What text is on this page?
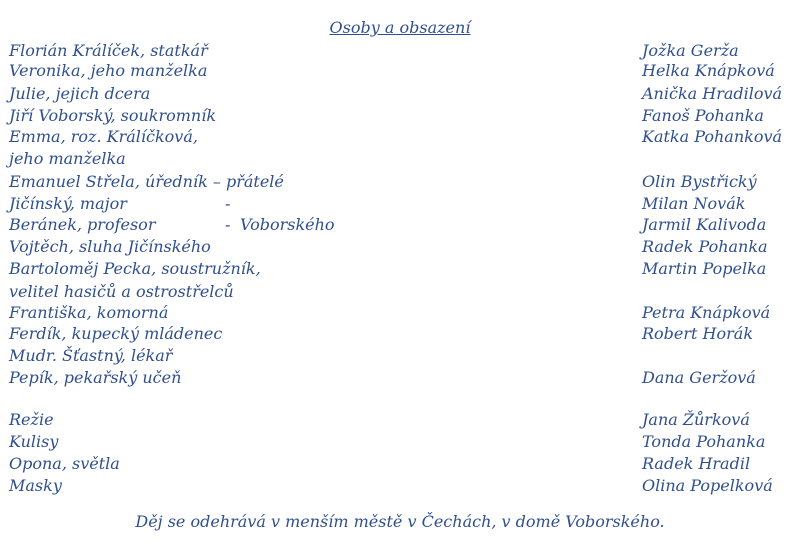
Osoby a obsazení
Florián Králíček, statkář	Jožka Gerža
Veronika, jeho manželka	Helka Knápková
Julie, jejich dcera	Anička Hradilová
Jiří Voborský, soukromník	Fanoš Pohanka
Emma, roz. Králíčková,	Katka Pohanková
jeho manželka
Emanuel Střela, úředník – přátelé	Olin Bystřický
Jičínský, major	-	Milan Novák
Beránek, profesor	- Voborského	Jarmil Kalivoda
Vojtěch, sluha Jičínského	Radek Pohanka
Bartoloměj Pecka, soustružník,	Martin Popelka
velitel hasičů a ostrostřelců
Františka, komorná	Petra Knápková
Ferdík, kupecký mládenec	Robert Horák
Mudr. Šťastný, lékař
Pepík, pekařský učeň	Dana Geržová
Režie	Jana Žůrková
Kulisy	Tonda Pohanka
Opona, světla	Radek Hradil
Masky	Olina Popelková
Děj se odehrává v menším městě v Čechách, v domě Voborského.
